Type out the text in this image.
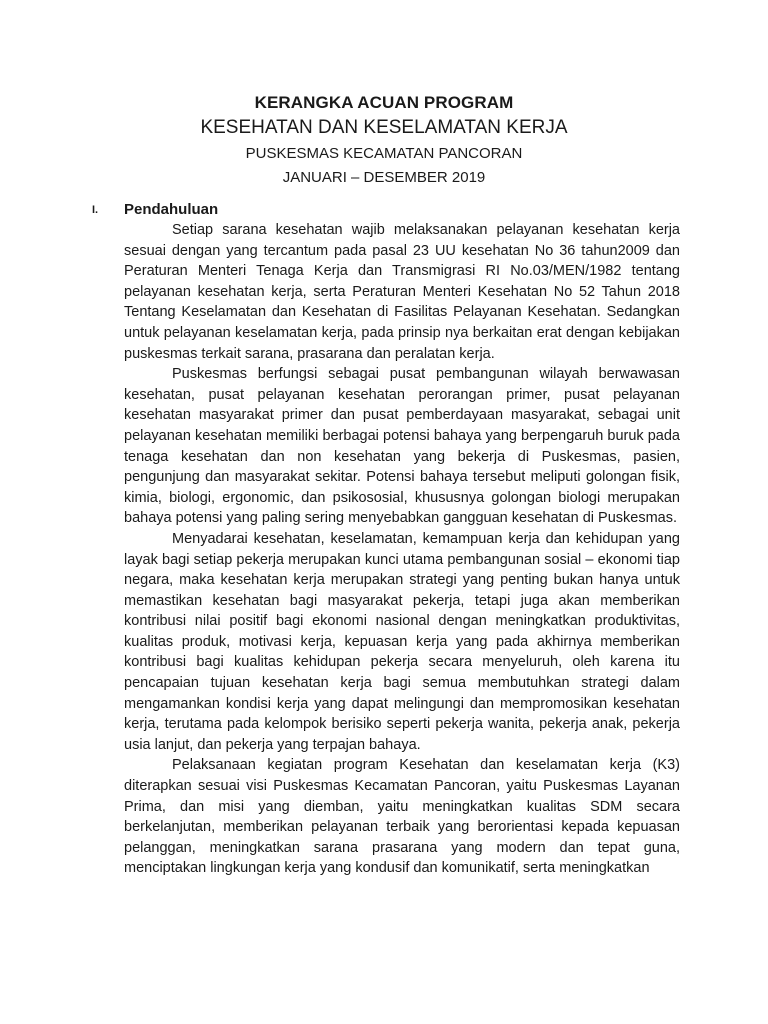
KERANGKA ACUAN PROGRAM
KESEHATAN DAN KESELAMATAN KERJA
PUSKESMAS KECAMATAN PANCORAN
JANUARI – DESEMBER 2019
I. Pendahuluan

Setiap sarana kesehatan wajib melaksanakan pelayanan kesehatan kerja sesuai dengan yang tercantum pada pasal 23 UU kesehatan No 36 tahun2009 dan Peraturan Menteri Tenaga Kerja dan Transmigrasi RI No.03/MEN/1982 tentang pelayanan kesehatan kerja, serta Peraturan Menteri Kesehatan No 52 Tahun 2018 Tentang Keselamatan dan Kesehatan di Fasilitas Pelayanan Kesehatan. Sedangkan untuk pelayanan keselamatan kerja, pada prinsip nya berkaitan erat dengan kebijakan puskesmas terkait sarana, prasarana dan peralatan kerja.

Puskesmas berfungsi sebagai pusat pembangunan wilayah berwawasan kesehatan, pusat pelayanan kesehatan perorangan primer, pusat pelayanan kesehatan masyarakat primer dan pusat pemberdayaan masyarakat, sebagai unit pelayanan kesehatan memiliki berbagai potensi bahaya yang berpengaruh buruk pada tenaga kesehatan dan non kesehatan yang bekerja di Puskesmas, pasien, pengunjung dan masyarakat sekitar. Potensi bahaya tersebut meliputi golongan fisik, kimia, biologi, ergonomic, dan psikososial, khususnya golongan biologi merupakan bahaya potensi yang paling sering menyebabkan gangguan kesehatan di Puskesmas.

Menyadarai kesehatan, keselamatan, kemampuan kerja dan kehidupan yang layak bagi setiap pekerja merupakan kunci utama pembangunan sosial – ekonomi tiap negara, maka kesehatan kerja merupakan strategi yang penting bukan hanya untuk memastikan kesehatan bagi masyarakat pekerja, tetapi juga akan memberikan kontribusi nilai positif bagi ekonomi nasional dengan meningkatkan produktivitas, kualitas produk, motivasi kerja, kepuasan kerja yang pada akhirnya memberikan kontribusi bagi kualitas kehidupan pekerja secara menyeluruh, oleh karena itu pencapaian tujuan kesehatan kerja bagi semua membutuhkan strategi dalam mengamankan kondisi kerja yang dapat melingungi dan mempromosikan kesehatan kerja, terutama pada kelompok berisiko seperti pekerja wanita, pekerja anak, pekerja usia lanjut, dan pekerja yang terpajan bahaya.

Pelaksanaan kegiatan program Kesehatan dan keselamatan kerja (K3) diterapkan sesuai visi Puskesmas Kecamatan Pancoran, yaitu Puskesmas Layanan Prima, dan misi yang diemban, yaitu meningkatkan kualitas SDM secara berkelanjutan, memberikan pelayanan terbaik yang berorientasi kepada kepuasan pelanggan, meningkatkan sarana prasarana yang modern dan tepat guna, menciptakan lingkungan kerja yang kondusif dan komunikatif, serta meningkatkan
